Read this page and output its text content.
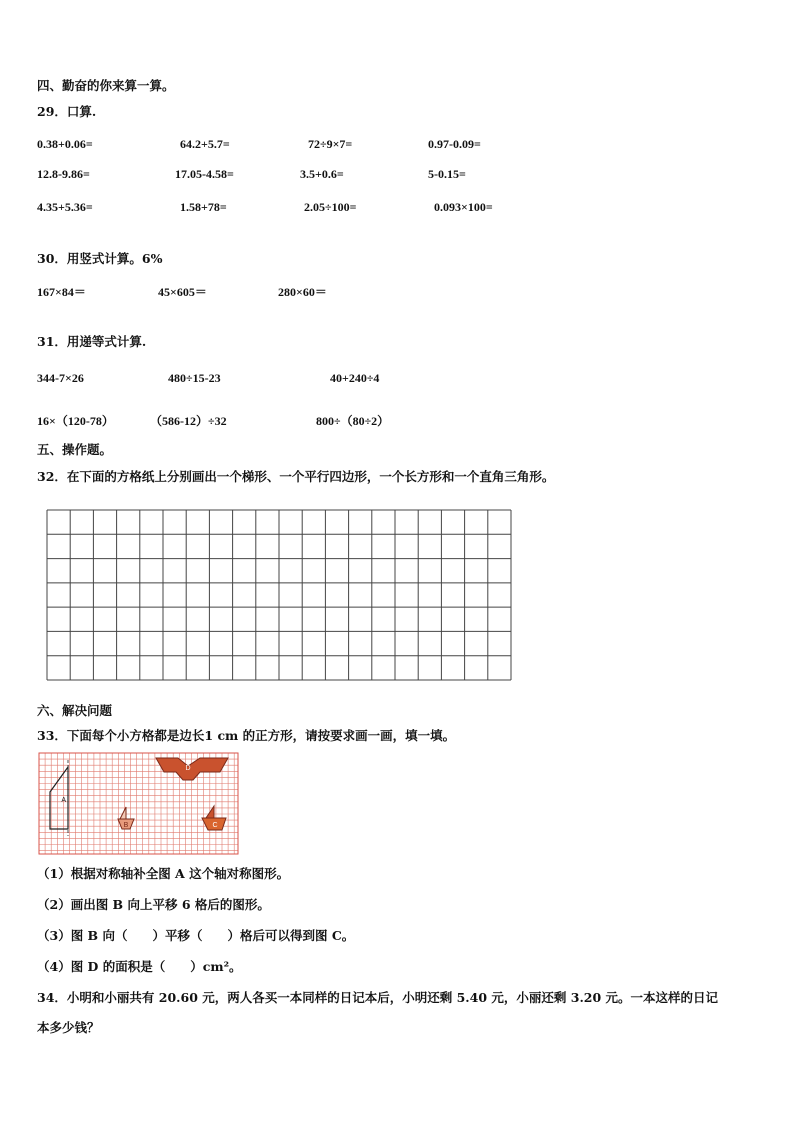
四、勤奋的你来算一算。
29．口算.
0.38+0.06=	64.2+5.7=	72÷9×7=	0.97-0.09=
12.8-9.86=	17.05-4.58=	3.5+0.6=	5-0.15=
4.35+5.36=	1.58+78=	2.05÷100=	0.093×100=
30．用竖式计算。6%
167×84＝	45×605＝	280×60＝
31．用递等式计算.
344-7×26	480÷15-23	40+240÷4
16×（120-78）	（586-12）÷32	800÷（80÷2）
五、操作题。
32．在下面的方格纸上分别画出一个梯形、一个平行四边形，一个长方形和一个直角三角形。
六、解决问题
33．下面每个小方格都是边长1 cm 的正方形，请按要求画一画，填一填。
A
B	C
D
（1）根据对称轴补全图 A 这个轴对称图形。
（2）画出图 B 向上平移 6 格后的图形。
（3）图 B 向（　　）平移（　　）格后可以得到图 C。
（4）图 D 的面积是（　　）cm²。
34．小明和小丽共有 20.60 元，两人各买一本同样的日记本后，小明还剩 5.40 元，小丽还剩 3.20 元。一本这样的日记
本多少钱？
